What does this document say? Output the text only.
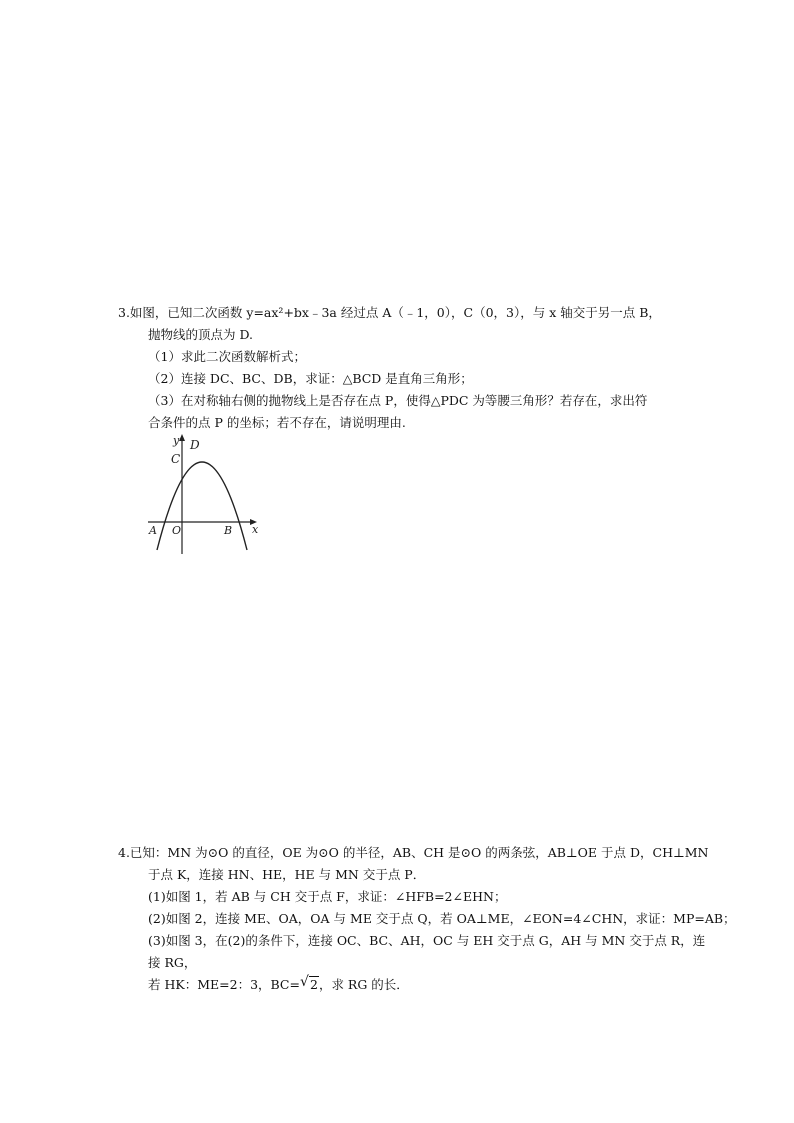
3.如图，已知二次函数 y=ax²+bx﹣3a 经过点 A（﹣1，0），C（0，3），与 x 轴交于另一点 B，
抛物线的顶点为 D.
（1）求此二次函数解析式；
（2）连接 DC、BC、DB，求证：△BCD 是直角三角形；
（3）在对称轴右侧的抛物线上是否存在点 P，使得△PDC 为等腰三角形？若存在，求出符
合条件的点 P 的坐标；若不存在，请说明理由.
y D
C
A O	B x
4.已知：MN 为⊙O 的直径，OE 为⊙O 的半径，AB、CH 是⊙O 的两条弦，AB⊥OE 于点 D，CH⊥MN
于点 K，连接 HN、HE，HE 与 MN 交于点 P．
(1)如图 1，若 AB 与 CH 交于点 F，求证：∠HFB=2∠EHN；
(2)如图 2，连接 ME、OA，OA 与 ME 交于点 Q，若 OA⊥ME，∠EON=4∠CHN，求证：MP=AB；
(3)如图 3，在(2)的条件下，连接 OC、BC、AH，OC 与 EH 交于点 G，AH 与 MN 交于点 R，连
接 RG，
若 HK：ME=2：3，BC= √ 2，求 RG 的长．
